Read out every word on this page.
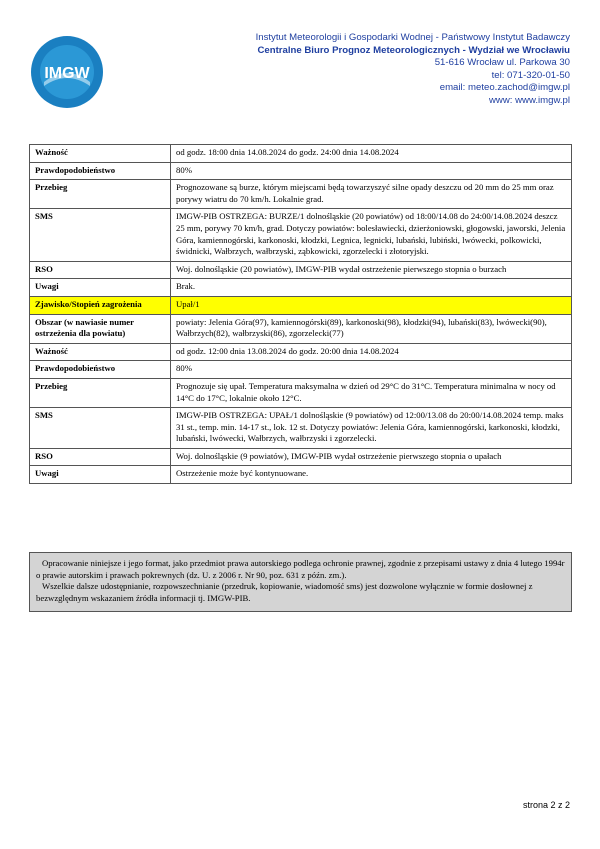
IMGW
Instytut Meteorologii i Gospodarki Wodnej - Państwowy Instytut Badawczy
Centralne Biuro Prognoz Meteorologicznych - Wydział we Wrocławiu
51-616 Wrocław ul. Parkowa 30
tel: 071-320-01-50
email: meteo.zachod@imgw.pl
www: www.imgw.pl
Ważność	od godz. 18:00 dnia 14.08.2024 do godz. 24:00 dnia 14.08.2024
Prawdopodobieństwo	80%
Przebieg	Prognozowane są burze, którym miejscami będą towarzyszyć silne opady deszczu od 20 mm do 25 mm oraz porywy wiatru do 70 km/h. Lokalnie grad.
SMS	IMGW-PIB OSTRZEGA: BURZE/1 dolnośląskie (20 powiatów) od 18:00/14.08 do 24:00/14.08.2024 deszcz 25 mm, porywy 70 km/h, grad. Dotyczy powiatów: bolesławiecki, dzierżoniowski, głogowski, jaworski, Jelenia Góra, kamiennogórski, karkonoski, kłodzki, Legnica, legnicki, lubański, lubiński, lwówecki, polkowicki, świdnicki, Wałbrzych, wałbrzyski, ząbkowicki, zgorzelecki i złotoryjski.
RSO	Woj. dolnośląskie (20 powiatów), IMGW-PIB wydał ostrzeżenie pierwszego stopnia o burzach
Uwagi	Brak.
Zjawisko/Stopień zagrożenia	Upał/1
Obszar (w nawiasie numer ostrzeżenia dla powiatu)	powiaty: Jelenia Góra(97), kamiennogórski(89), karkonoski(98), kłodzki(94), lubański(83), lwówecki(90), Wałbrzych(82), wałbrzyski(86), zgorzelecki(77)
Ważność	od godz. 12:00 dnia 13.08.2024 do godz. 20:00 dnia 14.08.2024
Prawdopodobieństwo	80%
Przebieg	Prognozuje się upał. Temperatura maksymalna w dzień od 29°C do 31°C. Temperatura minimalna w nocy od 14°C do 17°C, lokalnie około 12°C.
SMS	IMGW-PIB OSTRZEGA: UPAŁ/1 dolnośląskie (9 powiatów) od 12:00/13.08 do 20:00/14.08.2024 temp. maks 31 st., temp. min. 14-17 st., lok. 12 st. Dotyczy powiatów: Jelenia Góra, kamiennogórski, karkonoski, kłodzki, lubański, lwówecki, Wałbrzych, wałbrzyski i zgorzelecki.
RSO	Woj. dolnośląskie (9 powiatów), IMGW-PIB wydał ostrzeżenie pierwszego stopnia o upałach
Uwagi	Ostrzeżenie może być kontynuowane.

Opracowanie niniejsze i jego format, jako przedmiot prawa autorskiego podlega ochronie prawnej, zgodnie z przepisami ustawy z dnia 4 lutego 1994r o prawie autorskim i prawach pokrewnych (dz. U. z 2006 r. Nr 90, poz. 631 z późn. zm.).

Wszelkie dalsze udostępnianie, rozpowszechnianie (przedruk, kopiowanie, wiadomość sms) jest dozwolone wyłącznie w formie dosłownej z bezwzględnym wskazaniem źródła informacji tj. IMGW-PIB.

strona 2 z 2
